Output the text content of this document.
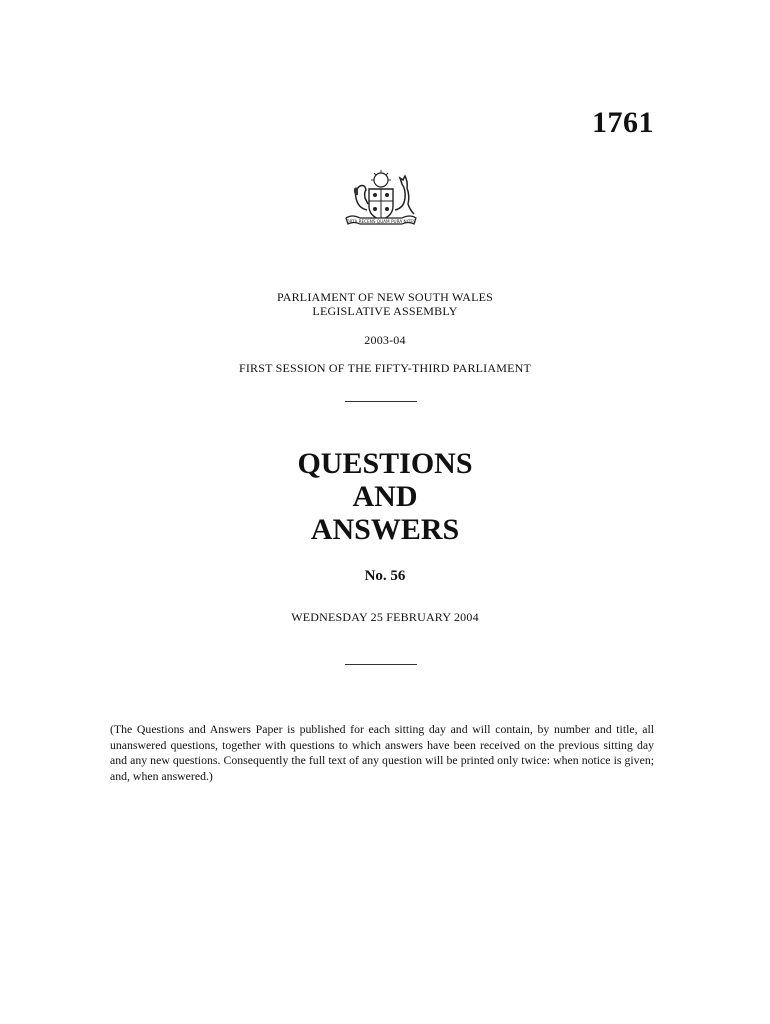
1761
ORTA RECENS QUAM PURA NITES
PARLIAMENT OF NEW SOUTH WALES
LEGISLATIVE ASSEMBLY
2003-04
FIRST SESSION OF THE FIFTY-THIRD PARLIAMENT
QUESTIONS
AND
ANSWERS
No. 56
WEDNESDAY 25 FEBRUARY 2004
(The Questions and Answers Paper is published for each sitting day and will contain, by number and title, all unanswered questions, together with questions to which answers have been received on the previous sitting day and any new questions. Consequently the full text of any question will be printed only twice: when notice is given; and, when answered.)
